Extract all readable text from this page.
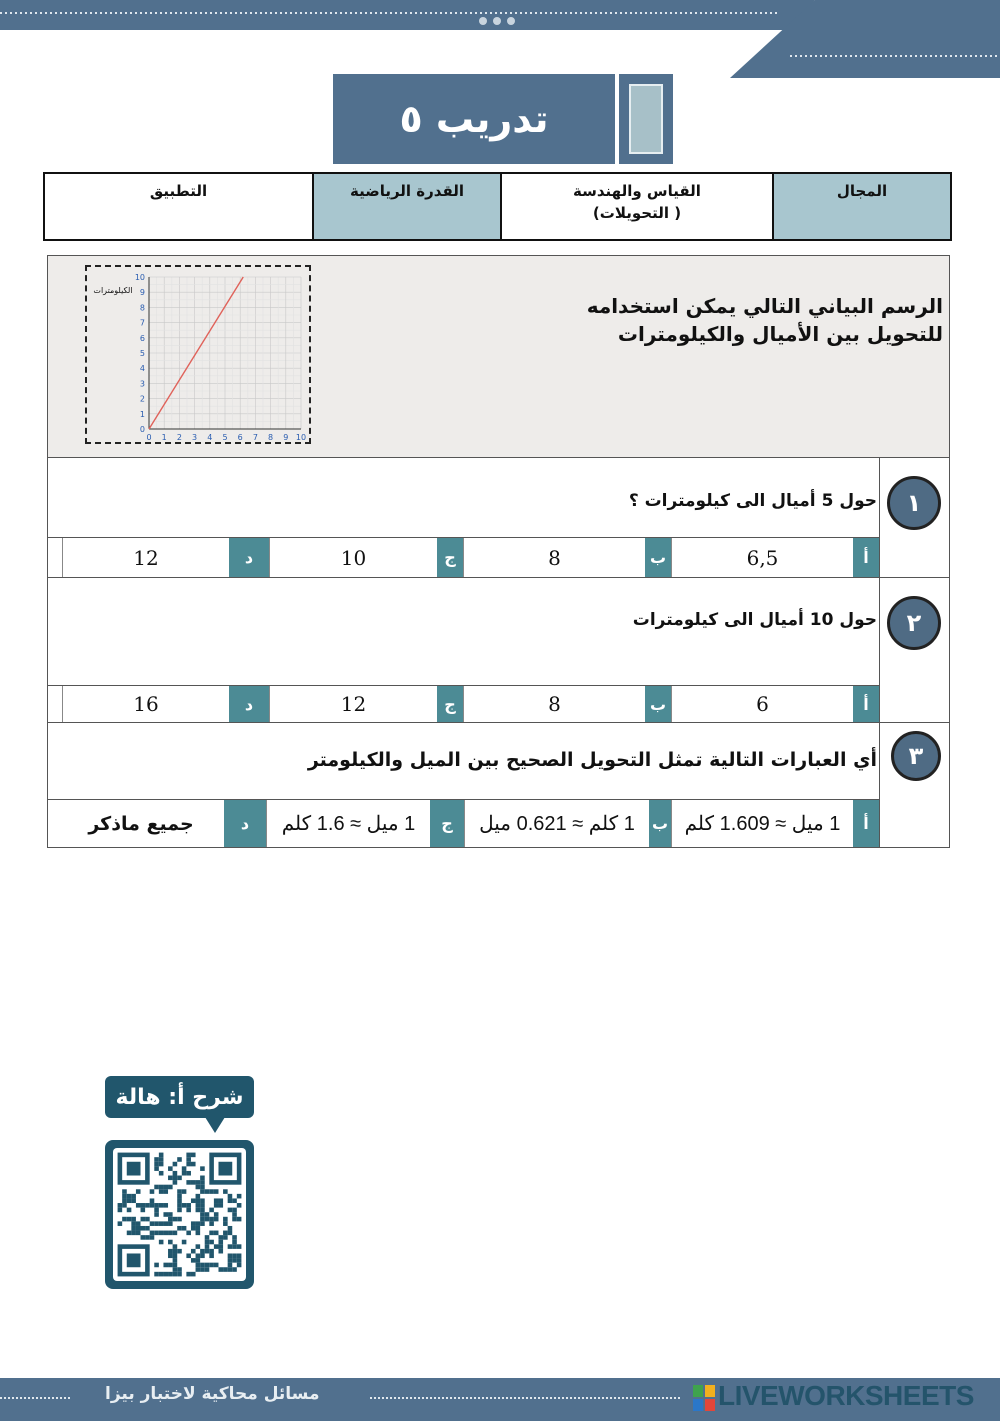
تدريب ٥
المجال
القياس والهندسة
(التحويلات )
القدرة الرياضية
التطبيق
الرسم البياني التالي يمكن استخدامه
للتحويل بين الأميال والكيلومترات
0 1 2 3 4 5 6 7 8 9 10
0
1
2
3
4
5
6
7
8
9
10
الكيلومترات
حول 5 أميال الى كيلومترات ؟	١
أ
6,5
ب
8
ج
10
د
12
حول 10 أميال الى كيلومترات	٢
أ
6
ب
8
ج
12
د
16
أي العبارات التالية تمثل التحويل الصحيح بين الميل والكيلومتر	٣
أ
1 ميل ≈ 1.609 كلم
ب
1 كلم ≈ 0.621 ميل
ج
1 ميل ≈ 1.6 كلم
د
جميع ماذكر
شرح أ: هالة
مسائل محاكية لاختبار بيزا	LIVEWORKSHEETS
